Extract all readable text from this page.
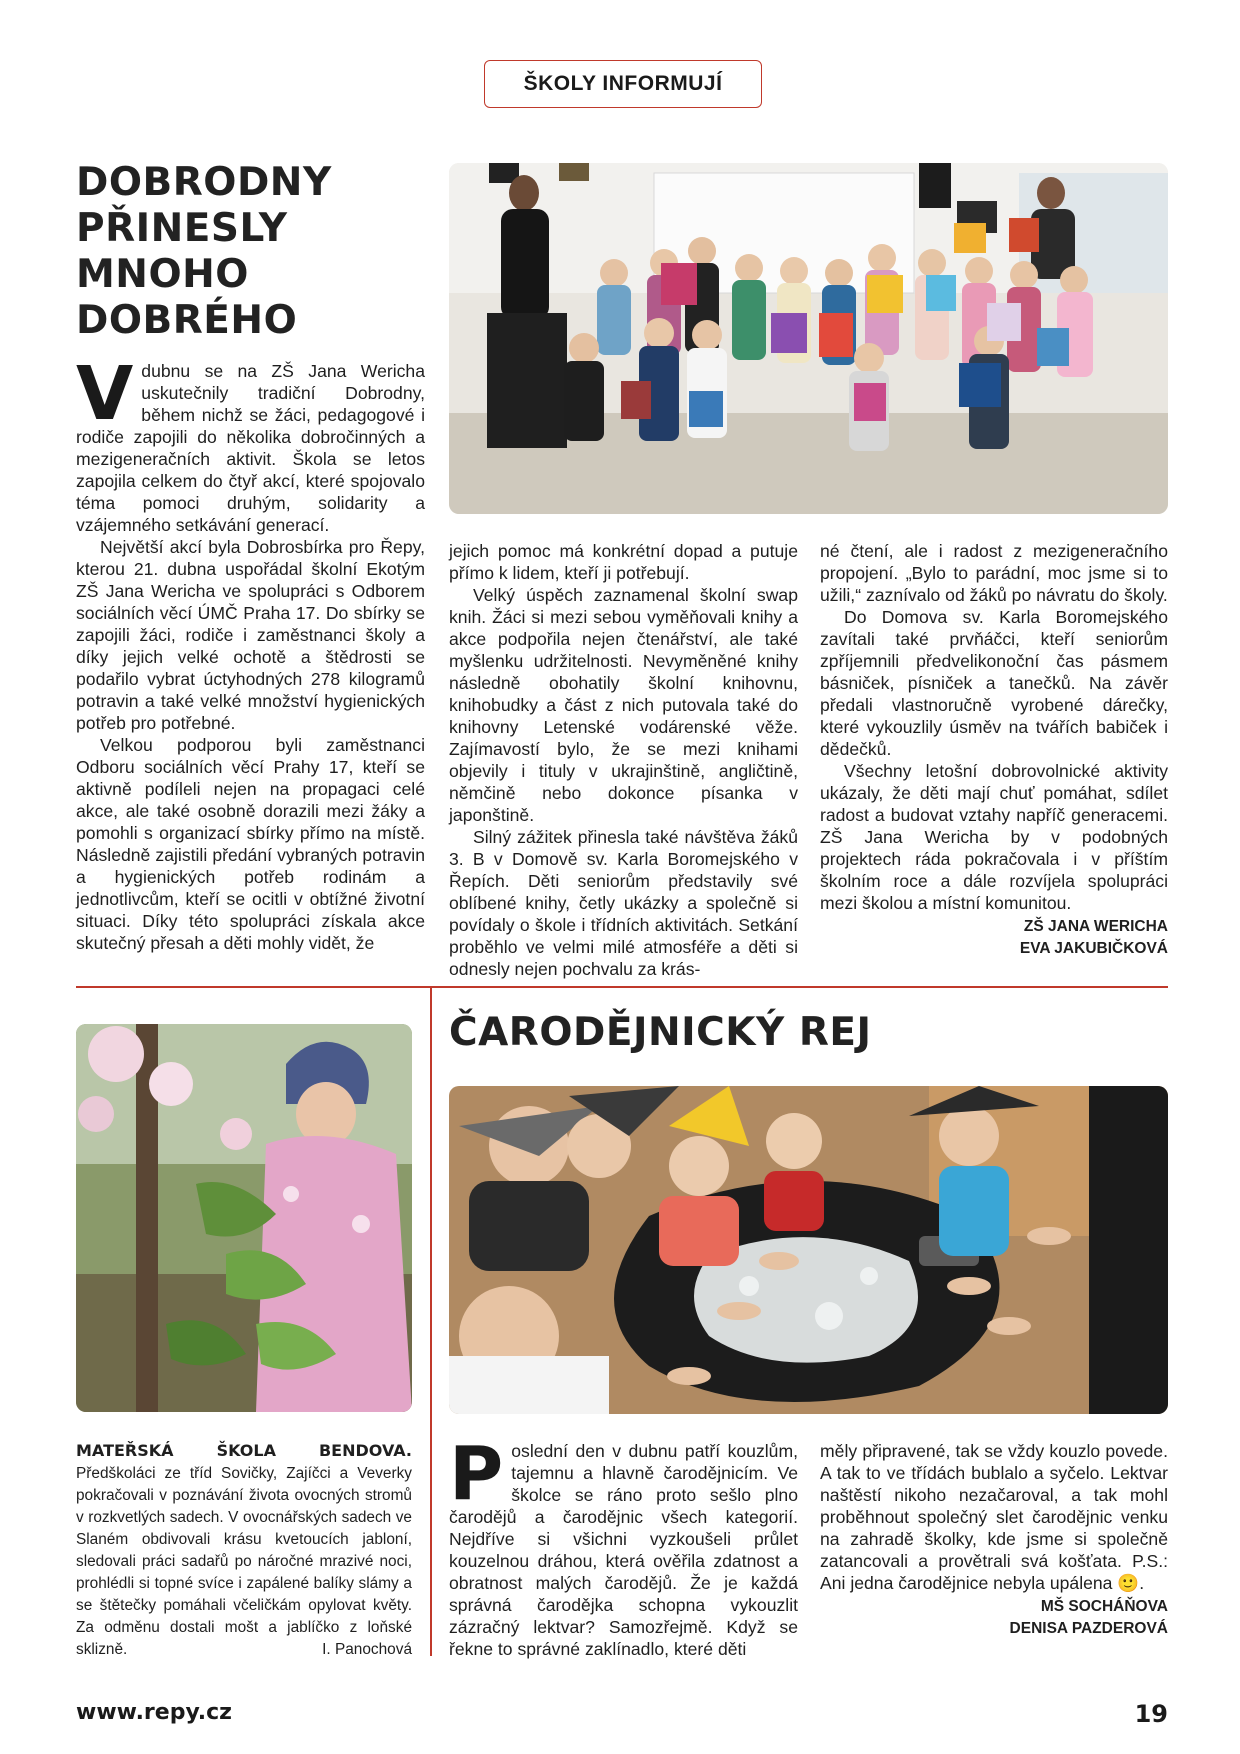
ŠKOLY INFORMUJÍ
DOBRODNY
PŘINESLY
MNOHO
DOBRÉHO

Vdubnu se na ZŠ Jana Wericha uskutečnily tradiční Dobrodny, během nichž se žáci, pedagogové i rodiče zapojili do několika dobročinných a mezigeneračních aktivit. Škola se letos zapojila celkem do čtyř akcí, které spojovalo téma pomoci druhým, solidarity a vzájemného setkávání generací.

Největší akcí byla Dobrosbírka pro Řepy, kterou 21. dubna uspořádal školní Ekotým ZŠ Jana Wericha ve spolupráci s Odborem sociálních věcí ÚMČ Praha 17. Do sbírky se zapojili žáci, rodiče i zaměstnanci školy a díky jejich velké ochotě a štědrosti se podařilo vybrat úctyhodných 278 kilogramů potravin a také velké množství hygienických potřeb pro potřebné.

Velkou podporou byli zaměstnanci Odboru sociálních věcí Prahy 17, kteří se aktivně podíleli nejen na propagaci celé akce, ale také osobně dorazili mezi žáky a pomohli s organizací sbírky přímo na místě. Následně zajistili předání vybraných potravin a hygienických potřeb rodinám a jednotlivcům, kteří se ocitli v obtížné životní situaci. Díky této spolupráci získala akce skutečný přesah a děti mohly vidět, že

jejich pomoc má konkrétní dopad a putuje přímo k lidem, kteří ji potřebují.

Velký úspěch zaznamenal školní swap knih. Žáci si mezi sebou vyměňovali knihy a akce podpořila nejen čtenářství, ale také myšlenku udržitelnosti. Nevyměněné knihy následně obohatily školní knihovnu, knihobudky a část z nich putovala také do knihovny Letenské vodárenské věže. Zajímavostí bylo, že se mezi knihami objevily i tituly v ukrajinštině, angličtině, němčině nebo dokonce písanka v japonštině.

Silný zážitek přinesla také návštěva žáků 3. B v Domově sv. Karla Boromejského v Řepích. Děti seniorům představily své oblíbené knihy, četly ukázky a společně si povídaly o škole i třídních aktivitách. Setkání proběhlo ve velmi milé atmosféře a děti si odnesly nejen pochvalu za krás-

né čtení, ale i radost z mezigeneračního propojení. „Bylo to parádní, moc jsme si to užili,“ zaznívalo od žáků po návratu do školy.

Do Domova sv. Karla Boromejského zavítali také prvňáčci, kteří seniorům zpříjemnili předvelikonoční čas pásmem básniček, písniček a tanečků. Na závěr předali vlastnoručně vyrobené dárečky, které vykouzlily úsměv na tvářích babiček i dědečků.

Všechny letošní dobrovolnické aktivity ukázaly, že děti mají chuť pomáhat, sdílet radost a budovat vztahy napříč generacemi. ZŠ Jana Wericha by v podobných projektech ráda pokračovala i v příštím školním roce a dále rozvíjela spolupráci mezi školou a místní komunitou.

ZŠ JANA WERICHA
EVA JAKUBIČKOVÁ
MATEŘSKÁ ŠKOLA BENDOVA. Předškoláci ze tříd Sovičky, Zajíčci a Veverky pokračovali v poznávání života ovocných stromů v rozkvetlých sadech. V ovocnářských sadech ve Slaném obdivovali krásu kvetoucích jabloní, sledovali práci sadařů po náročné mrazivé noci, prohlédli si topné svíce i zapálené balíky slámy a se štětečky pomáhali včeličkám opylovat květy. Za odměnu dostali mošt a jablíčko z loňské sklizně.	I. Panochová
ČARODĚJNICKÝ REJ

Poslední den v dubnu patří kouzlům, tajemnu a hlavně čarodějnicím. Ve školce se ráno proto sešlo plno čarodějů a čarodějnic všech kategorií. Nejdříve si všichni vyzkoušeli průlet kouzelnou dráhou, která ověřila zdatnost a obratnost malých čarodějů. Že je každá správná čarodějka schopna vykouzlit zázračný lektvar? Samozřejmě. Když se řekne to správné zaklínadlo, které děti

měly připravené, tak se vždy kouzlo povede. A tak to ve třídách bublalo a syčelo. Lektvar naštěstí nikoho nezačaroval, a tak mohl proběhnout společný slet čarodějnic venku na zahradě školky, kde jsme si společně zatancovali a provětrali svá košťata. P.S.: Ani jedna čarodějnice nebyla upálena 🙂.

MŠ SOCHÁŇOVA
DENISA PAZDEROVÁ
www.repy.cz	19
